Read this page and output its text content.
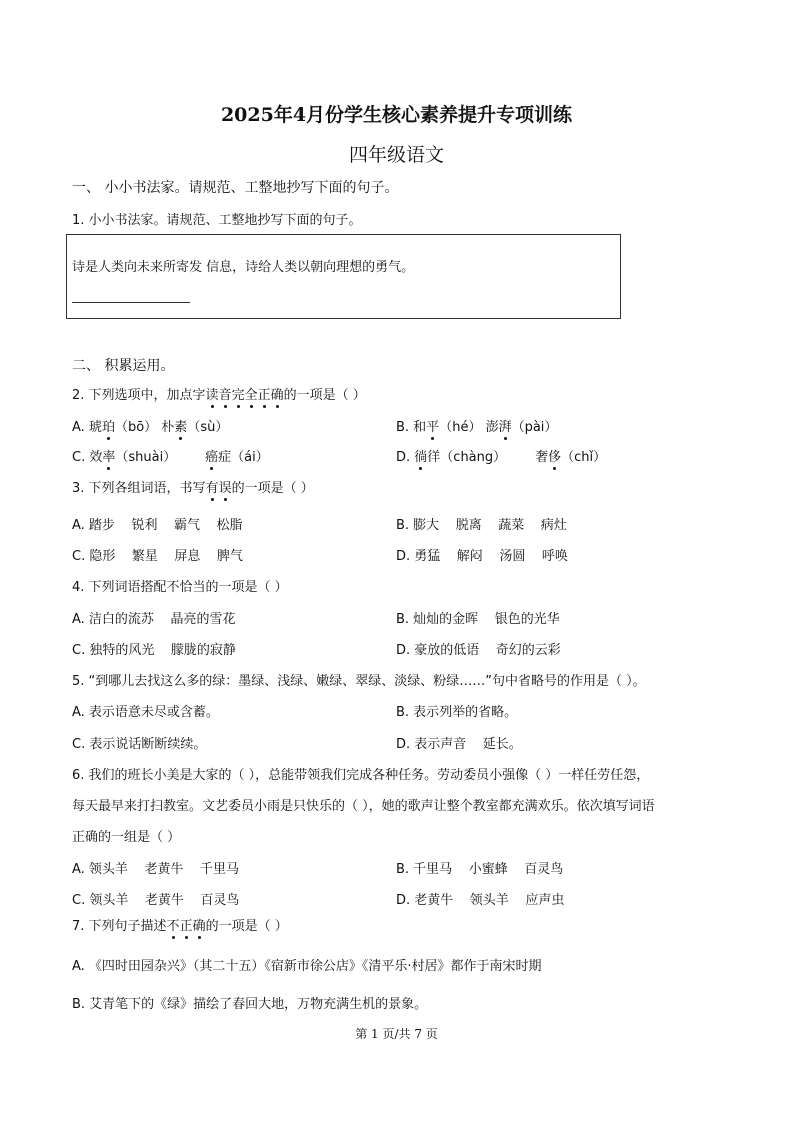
2025年4月份学生核心素养提升专项训练
四年级语文
一、 小小书法家。请规范、工整地抄写下面的句子。
1. 小小书法家。请规范、工整地抄写下面的句子。
诗是人类向未来所寄发 信息，诗给人类以朝向理想的勇气。
二、 积累运用。
2. 下列选项中，加点字读音完全正确的一项是（ ）
A. 琥珀（bō） 朴素（sù）	B. 和平（hé） 澎湃（pài）
C. 效率（shuài）       癌症（ái）	D. 徜徉（chàng）       奢侈（chǐ）
3. 下列各组词语，书写有误的一项是（ ）
A. 踏步    锐利    霸气    松脂	B. 膨大    脱离    蔬菜    病灶
C. 隐形    繁星    屏息    脾气	D. 勇猛    解闷    汤圆    呼唤
4. 下列词语搭配不恰当的一项是（ ）
A. 洁白的流苏    晶亮的雪花	B. 灿灿的金晖    银色的光华
C. 独特的风光    朦胧的寂静	D. 豪放的低语    奇幻的云彩
5. “到哪儿去找这么多的绿：墨绿、浅绿、嫩绿、翠绿、淡绿、粉绿……”句中省略号的作用是（ ）。
A. 表示语意未尽或含蓄。	B. 表示列举的省略。
C. 表示说话断断续续。	D. 表示声音    延长。
6. 我们的班长小美是大家的（ ），总能带领我们完成各种任务。劳动委员小强像（ ）一样任劳任怨，
每天最早来打扫教室。文艺委员小雨是只快乐的（ ），她的歌声让整个教室都充满欢乐。依次填写词语
正确的一组是（ ）
A. 领头羊    老黄牛    千里马	B. 千里马    小蜜蜂    百灵鸟
C. 领头羊    老黄牛    百灵鸟	D. 老黄牛    领头羊    应声虫
7. 下列句子描述不正确的一项是（ ）
A. 《四时田园杂兴》（其二十五）《宿新市徐公店》《清平乐·村居》都作于南宋时期
B. 艾青笔下的《绿》描绘了春回大地，万物充满生机的景象。
第 1 页/共 7 页
